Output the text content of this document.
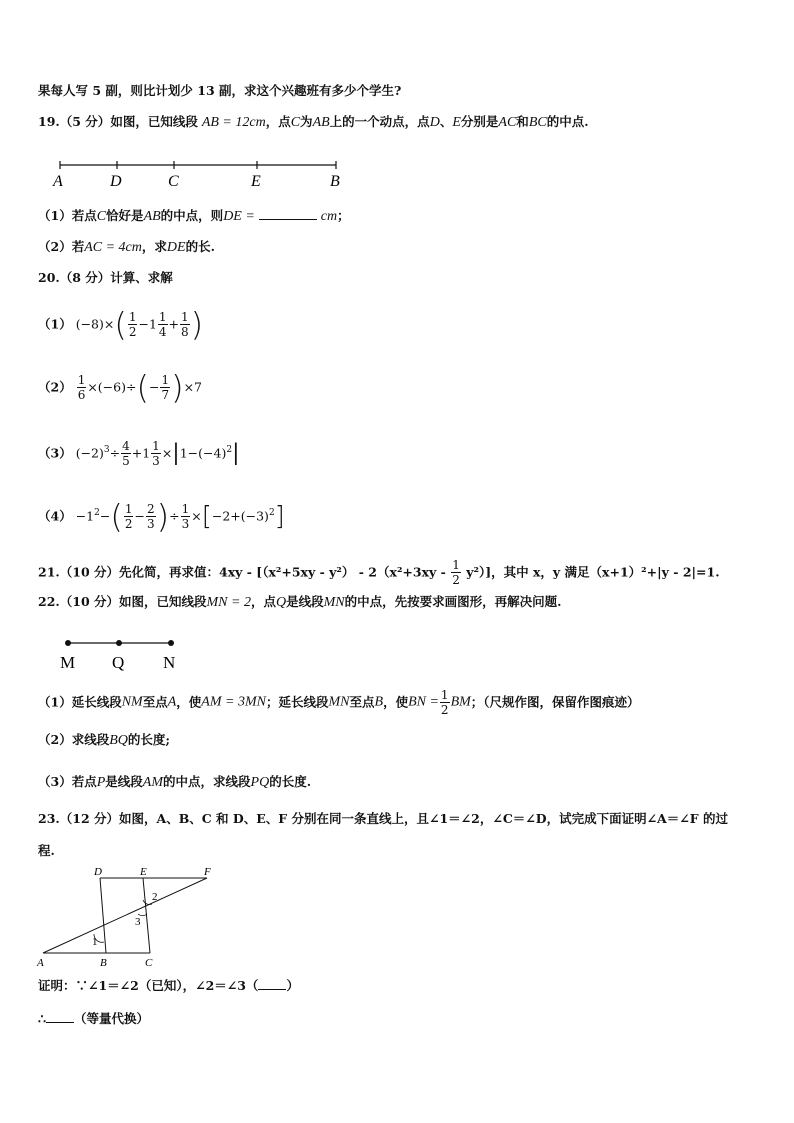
果每人写 5 副，则比计划少 13 副，求这个兴趣班有多少个学生?
19.（5 分）如图，已知线段 AB = 12cm，点C为AB上的一个动点，点D、E分别是AC和BC的中点.
A	D	C	E	B
（1）若点C恰好是AB的中点，则DE =	cm；
（2）若AC = 4cm，求DE的长.
20.（8 分）计算、求解
（1） $(-8)\times( \frac{1}{2} -1 \frac{1}{4} + \frac{1}{8}$ )
$(2) \frac{1}{6} \times(-6)\div(- \frac{1}{7} )\times 7$
（3） $(-2)^3\div \frac{4}{5} +1 \frac{1}{3} \times|1-(-4)^2|$
$(4) -1^2-( \frac{1}{2} - \frac{2}{3}$ )÷ $\frac{1}{3} \times[-2+(-3)^2]$
21.（10 分）先化简，再求值：$4xy - [(x^2+5xy - y^2) - 2(x^2+3xy - \frac{1}{2} y^2)]$，其中 x，y 满足（x+1）²+|y - 2|=1.
22.（10 分）如图，已知线段MN = 2，点Q是线段MN的中点，先按要求画图形，再解决问题.
M Q N
（1）延长线段NM至点A，使AM = 3MN；延长线段MN至点B，使BN = $\frac{1}{2}$ BM；（尺规作图，保留作图痕迹）
（2）求线段BQ的长度;
（3）若点P是线段AM的中点，求线段PQ的长度.
23.（12 分）如图，A、B、C 和 D、E、F 分别在同一条直线上，且∠1＝∠2，∠C＝∠D，试完成下面证明∠A＝∠F 的过
程.
D	E	F
A	B	C
1
2
3
证明：∵∠1＝∠2（已知），∠2＝∠3（ ）
∴ （等量代换）
